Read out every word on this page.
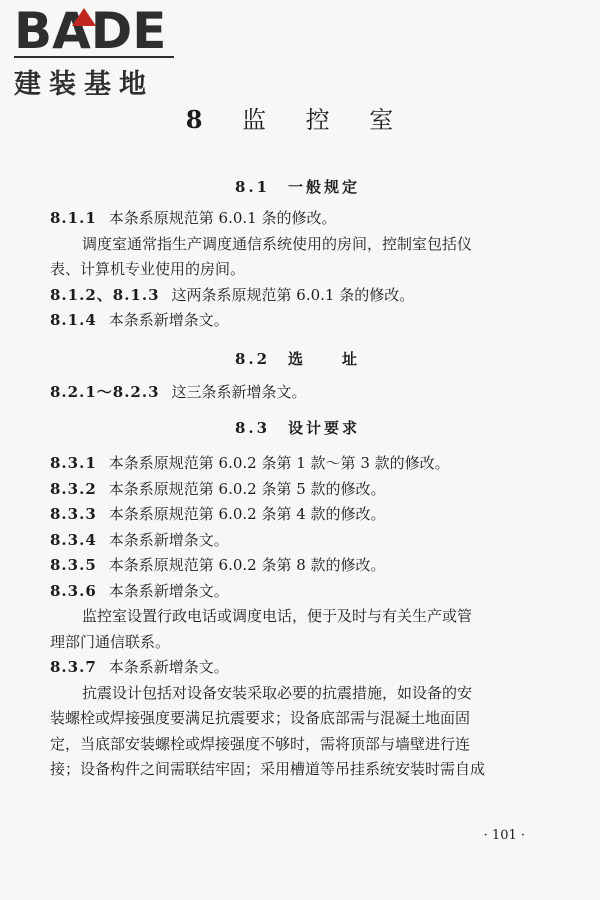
BADE
建装基地
8 监 控 室
8.1　一般规定
8.1.1 本条系原规范第 6.0.1 条的修改。
调度室通常指生产调度通信系统使用的房间，控制室包括仪
表、计算机专业使用的房间。
8.1.2、8.1.3 这两条系原规范第 6.0.1 条的修改。
8.1.4 本条系新增条文。
8.2　选　　址
8.2.1～8.2.3 这三条系新增条文。
8.3　设计要求
8.3.1 本条系原规范第 6.0.2 条第 1 款～第 3 款的修改。
8.3.2 本条系原规范第 6.0.2 条第 5 款的修改。
8.3.3 本条系原规范第 6.0.2 条第 4 款的修改。
8.3.4 本条系新增条文。
8.3.5 本条系原规范第 6.0.2 条第 8 款的修改。
8.3.6 本条系新增条文。
监控室设置行政电话或调度电话，便于及时与有关生产或管
理部门通信联系。
8.3.7 本条系新增条文。
抗震设计包括对设备安装采取必要的抗震措施，如设备的安
装螺栓或焊接强度要满足抗震要求；设备底部需与混凝土地面固
定，当底部安装螺栓或焊接强度不够时，需将顶部与墙壁进行连
接；设备构件之间需联结牢固；采用槽道等吊挂系统安装时需自成
· 101 ·
